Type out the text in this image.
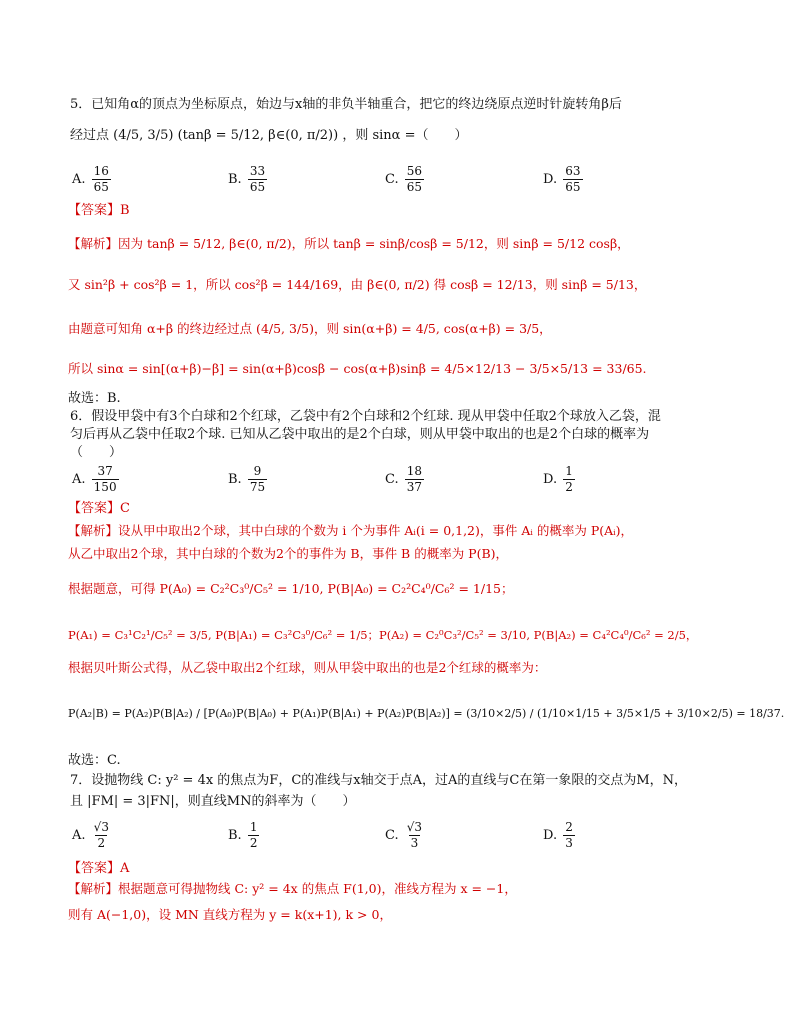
5．已知角α的顶点为坐标原点，始边与x轴的非负半轴重合，把它的终边绕原点逆时针旋转角β后
经过点 (4/5, 3/5) (tanβ = 5/12, β∈(0, π/2)) ，则 sinα =（　　）
A. $\frac{16}{65}$	B. $\frac{33}{65}$	C. $\frac{56}{65}$	D. $\frac{63}{65}$
【答案】B
【解析】因为 tanβ = 5/12, β∈(0, π/2)，所以 tanβ = sinβ/cosβ = 5/12，则 sinβ = 5/12 cosβ，
又 sin²β + cos²β = 1，所以 cos²β = 144/169，由 β∈(0, π/2) 得 cosβ = 12/13，则 sinβ = 5/13，
由题意可知角 α+β 的终边经过点 (4/5, 3/5)，则 sin(α+β) = 4/5, cos(α+β) = 3/5，
所以 sinα = sin[(α+β)−β] = sin(α+β)cosβ − cos(α+β)sinβ = 4/5×12/13 − 3/5×5/13 = 33/65.
故选：B.
6．假设甲袋中有3个白球和2个红球，乙袋中有2个白球和2个红球. 现从甲袋中任取2个球放入乙袋，混
匀后再从乙袋中任取2个球. 已知从乙袋中取出的是2个白球，则从甲袋中取出的也是2个白球的概率为
（　　）
A. $\frac{37}{150}$	B. $\frac{9}{75}$	C. $\frac{18}{37}$	D. $\frac{1}{2}$
【答案】C
【解析】设从甲中取出2个球，其中白球的个数为 i 个为事件 Aᵢ(i = 0,1,2)，事件 Aᵢ 的概率为 P(Aᵢ)，
从乙中取出2个球，其中白球的个数为2个的事件为 B，事件 B 的概率为 P(B)，
根据题意，可得 P(A₀) = C₂²C₃⁰/C₅² = 1/10, P(B|A₀) = C₂²C₄⁰/C₆² = 1/15；
P(A₁) = C₃¹C₂¹/C₅² = 3/5, P(B|A₁) = C₃²C₃⁰/C₆² = 1/5；P(A₂) = C₂⁰C₃²/C₅² = 3/10, P(B|A₂) = C₄²C₄⁰/C₆² = 2/5，
根据贝叶斯公式得，从乙袋中取出2个红球，则从甲袋中取出的也是2个红球的概率为：
P(A₂|B) = P(A₂)P(B|A₂) / [P(A₀)P(B|A₀) + P(A₁)P(B|A₁) + P(A₂)P(B|A₂)] = (3/10×2/5) / (1/10×1/15 + 3/5×1/5 + 3/10×2/5) = 18/37.
故选：C.
7．设抛物线 C: y² = 4x 的焦点为F，C的准线与x轴交于点A，过A的直线与C在第一象限的交点为M，N，
且 |FM| = 3|FN|，则直线MN的斜率为（　　）
A. $\frac{√3}{2}$	B. $\frac{1}{2}$	C. $\frac{√3}{3}$	D. $\frac{2}{3}$
【答案】A
【解析】根据题意可得抛物线 C: y² = 4x 的焦点 F(1,0)，准线方程为 x = −1，
则有 A(−1,0)，设 MN 直线方程为 y = k(x+1), k > 0，
